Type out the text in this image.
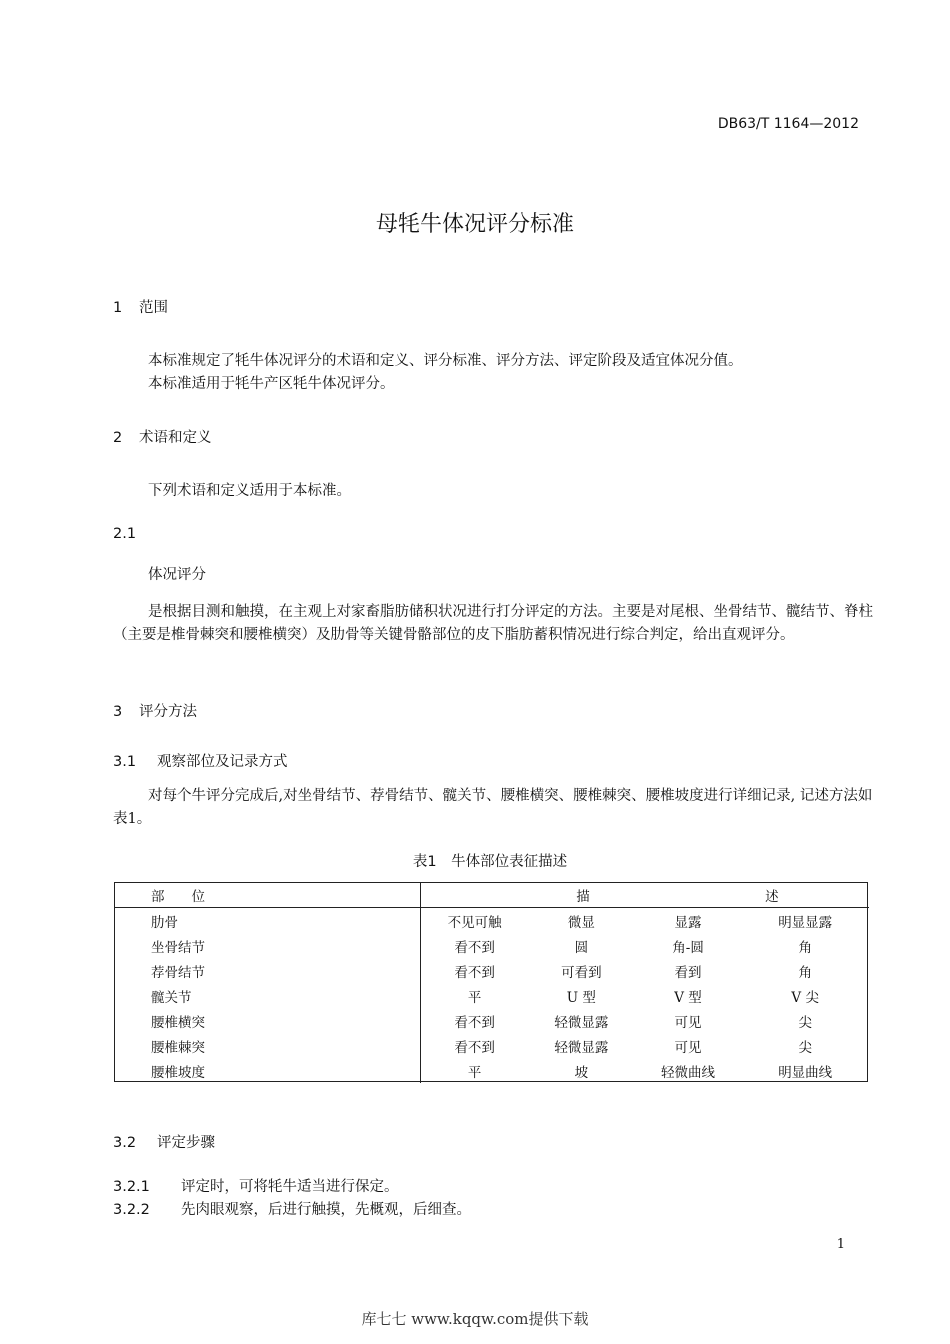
DB63/T 1164—2012
母牦牛体况评分标准
1 范围
本标准规定了牦牛体况评分的术语和定义、评分标准、评分方法、评定阶段及适宜体况分值。
本标准适用于牦牛产区牦牛体况评分。
2 术语和定义
下列术语和定义适用于本标准。
2.1
体况评分
是根据目测和触摸，在主观上对家畜脂肪储积状况进行打分评定的方法。主要是对尾根、坐骨结节、髋结节、脊柱（主要是椎骨棘突和腰椎横突）及肋骨等关键骨骼部位的皮下脂肪蓄积情况进行综合判定，给出直观评分。
3 评分方法
3.1 观察部位及记录方式
对每个牛评分完成后,对坐骨结节、荐骨结节、髋关节、腰椎横突、腰椎棘突、腰椎坡度进行详细记录, 记述方法如表1。
表1　牛体部位表征描述
部　　位	描		述	
肋骨	不见可触	微显	显露	明显显露
坐骨结节	看不到	圆	角-圆	角
荐骨结节	看不到	可看到	看到	角
髋关节	平	U 型	V 型	V 尖
腰椎横突	看不到	轻微显露	可见	尖
腰椎棘突	看不到	轻微显露	可见	尖
腰椎坡度	平	坡	轻微曲线	明显曲线
3.2 评定步骤
3.2.1 评定时，可将牦牛适当进行保定。
3.2.2 先肉眼观察，后进行触摸，先概观，后细查。
1
库七七 www.kqqw.com提供下载
